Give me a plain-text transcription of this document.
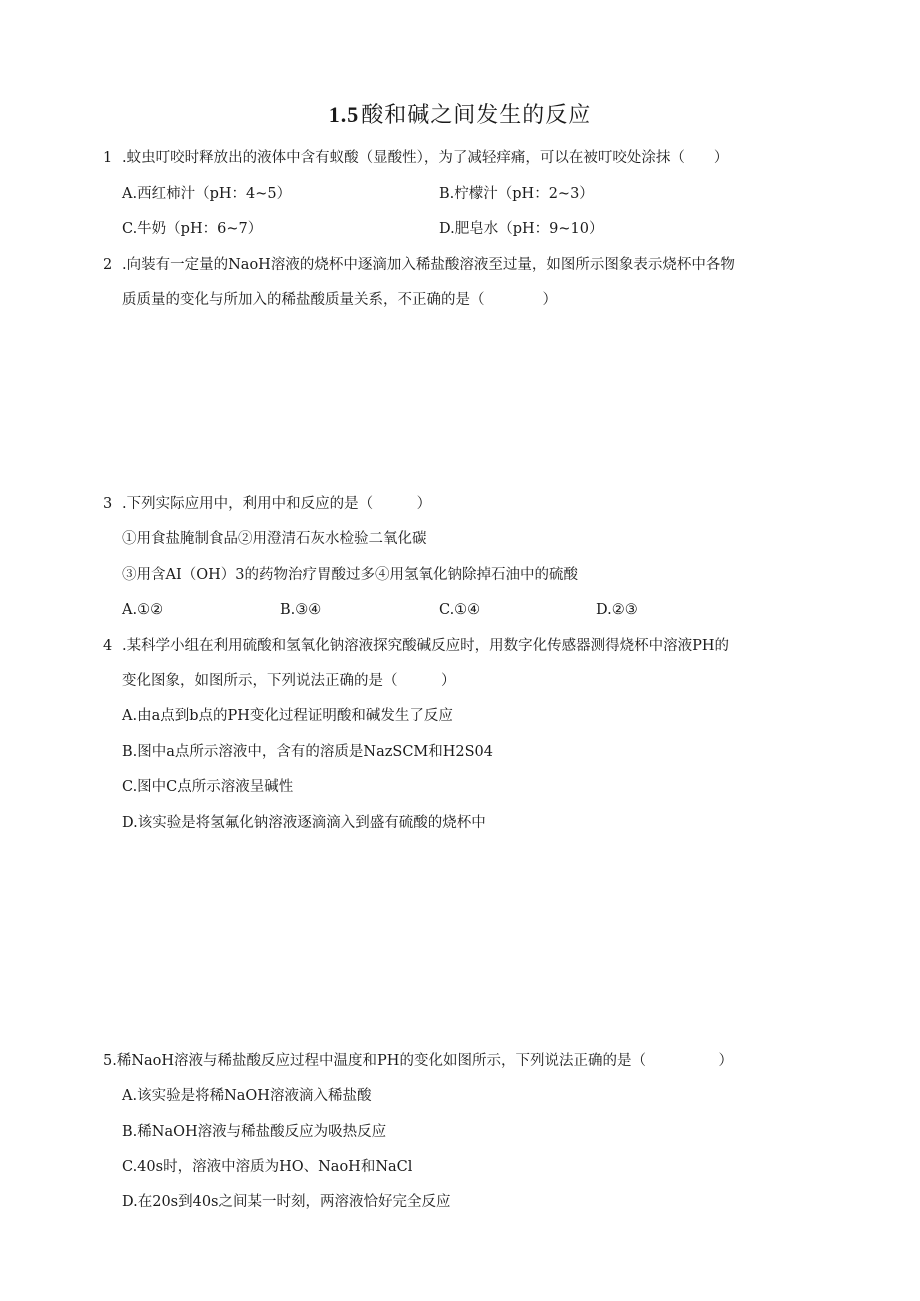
1.5酸和碱之间发生的反应
1 .蚊虫叮咬时释放出的液体中含有蚁酸（显酸性），为了减轻痒痛，可以在被叮咬处涂抹（　　）
A.西红柿汁（pH：4~5）	B.柠檬汁（pH：2~3）
C.牛奶（pH：6~7）	D.肥皂水（pH：9~10）
2 .向装有一定量的NaoH溶液的烧杯中逐滴加入稀盐酸溶液至过量，如图所示图象表示烧杯中各物
质质量的变化与所加入的稀盐酸质量关系，不正确的是（　　　　）
3 .下列实际应用中，利用中和反应的是（　　　）
①用食盐腌制食品②用澄清石灰水检验二氧化碳
③用含AI（OH）3的药物治疗胃酸过多④用氢氧化钠除掉石油中的硫酸
A.①②	B.③④	C.①④	D.②③
4 .某科学小组在利用硫酸和氢氧化钠溶液探究酸碱反应时，用数字化传感器测得烧杯中溶液PH的
变化图象，如图所示，下列说法正确的是（　　　）
A.由a点到b点的PH变化过程证明酸和碱发生了反应
B.图中a点所示溶液中，含有的溶质是NazSCM和H2S04
C.图中C点所示溶液呈碱性
D.该实验是将氢氟化钠溶液逐滴滴入到盛有硫酸的烧杯中
5.稀NaoH溶液与稀盐酸反应过程中温度和PH的变化如图所示，下列说法正确的是（　　　　　）
A.该实验是将稀NaOH溶液滴入稀盐酸
B.稀NaOH溶液与稀盐酸反应为吸热反应
C.40s时，溶液中溶质为HO、NaoH和NaCl
D.在20s到40s之间某一时刻，两溶液恰好完全反应
